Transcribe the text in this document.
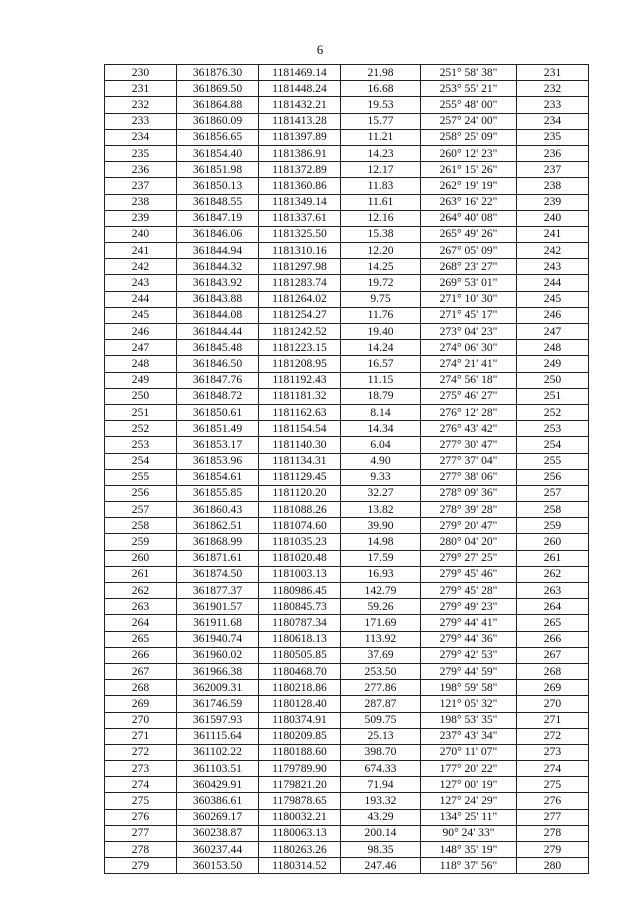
6
230	361876.30	1181469.14	21.98	251° 58' 38"	231
231	361869.50	1181448.24	16.68	253° 55' 21"	232
232	361864.88	1181432.21	19.53	255° 48' 00"	233
233	361860.09	1181413.28	15.77	257° 24' 00"	234
234	361856.65	1181397.89	11.21	258° 25' 09"	235
235	361854.40	1181386.91	14.23	260° 12' 23"	236
236	361851.98	1181372.89	12.17	261° 15' 26"	237
237	361850.13	1181360.86	11.83	262° 19' 19"	238
238	361848.55	1181349.14	11.61	263° 16' 22"	239
239	361847.19	1181337.61	12.16	264° 40' 08"	240
240	361846.06	1181325.50	15.38	265° 49' 26"	241
241	361844.94	1181310.16	12.20	267° 05' 09"	242
242	361844.32	1181297.98	14.25	268° 23' 27"	243
243	361843.92	1181283.74	19.72	269° 53' 01"	244
244	361843.88	1181264.02	9.75	271° 10' 30"	245
245	361844.08	1181254.27	11.76	271° 45' 17"	246
246	361844.44	1181242.52	19.40	273° 04' 23"	247
247	361845.48	1181223.15	14.24	274° 06' 30"	248
248	361846.50	1181208.95	16.57	274° 21' 41"	249
249	361847.76	1181192.43	11.15	274° 56' 18"	250
250	361848.72	1181181.32	18.79	275° 46' 27"	251
251	361850.61	1181162.63	8.14	276° 12' 28"	252
252	361851.49	1181154.54	14.34	276° 43' 42"	253
253	361853.17	1181140.30	6.04	277° 30' 47"	254
254	361853.96	1181134.31	4.90	277° 37' 04"	255
255	361854.61	1181129.45	9.33	277° 38' 06"	256
256	361855.85	1181120.20	32.27	278° 09' 36"	257
257	361860.43	1181088.26	13.82	278° 39' 28"	258
258	361862.51	1181074.60	39.90	279° 20' 47"	259
259	361868.99	1181035.23	14.98	280° 04' 20"	260
260	361871.61	1181020.48	17.59	279° 27' 25"	261
261	361874.50	1181003.13	16.93	279° 45' 46"	262
262	361877.37	1180986.45	142.79	279° 45' 28"	263
263	361901.57	1180845.73	59.26	279° 49' 23"	264
264	361911.68	1180787.34	171.69	279° 44' 41"	265
265	361940.74	1180618.13	113.92	279° 44' 36"	266
266	361960.02	1180505.85	37.69	279° 42' 53"	267
267	361966.38	1180468.70	253.50	279° 44' 59"	268
268	362009.31	1180218.86	277.86	198° 59' 58"	269
269	361746.59	1180128.40	287.87	121° 05' 32"	270
270	361597.93	1180374.91	509.75	198° 53' 35"	271
271	361115.64	1180209.85	25.13	237° 43' 34"	272
272	361102.22	1180188.60	398.70	270° 11' 07"	273
273	361103.51	1179789.90	674.33	177° 20' 22"	274
274	360429.91	1179821.20	71.94	127° 00' 19"	275
275	360386.61	1179878.65	193.32	127° 24' 29"	276
276	360269.17	1180032.21	43.29	134° 25' 11"	277
277	360238.87	1180063.13	200.14	90° 24' 33"	278
278	360237.44	1180263.26	98.35	148° 35' 19"	279
279	360153.50	1180314.52	247.46	118° 37' 56"	280
